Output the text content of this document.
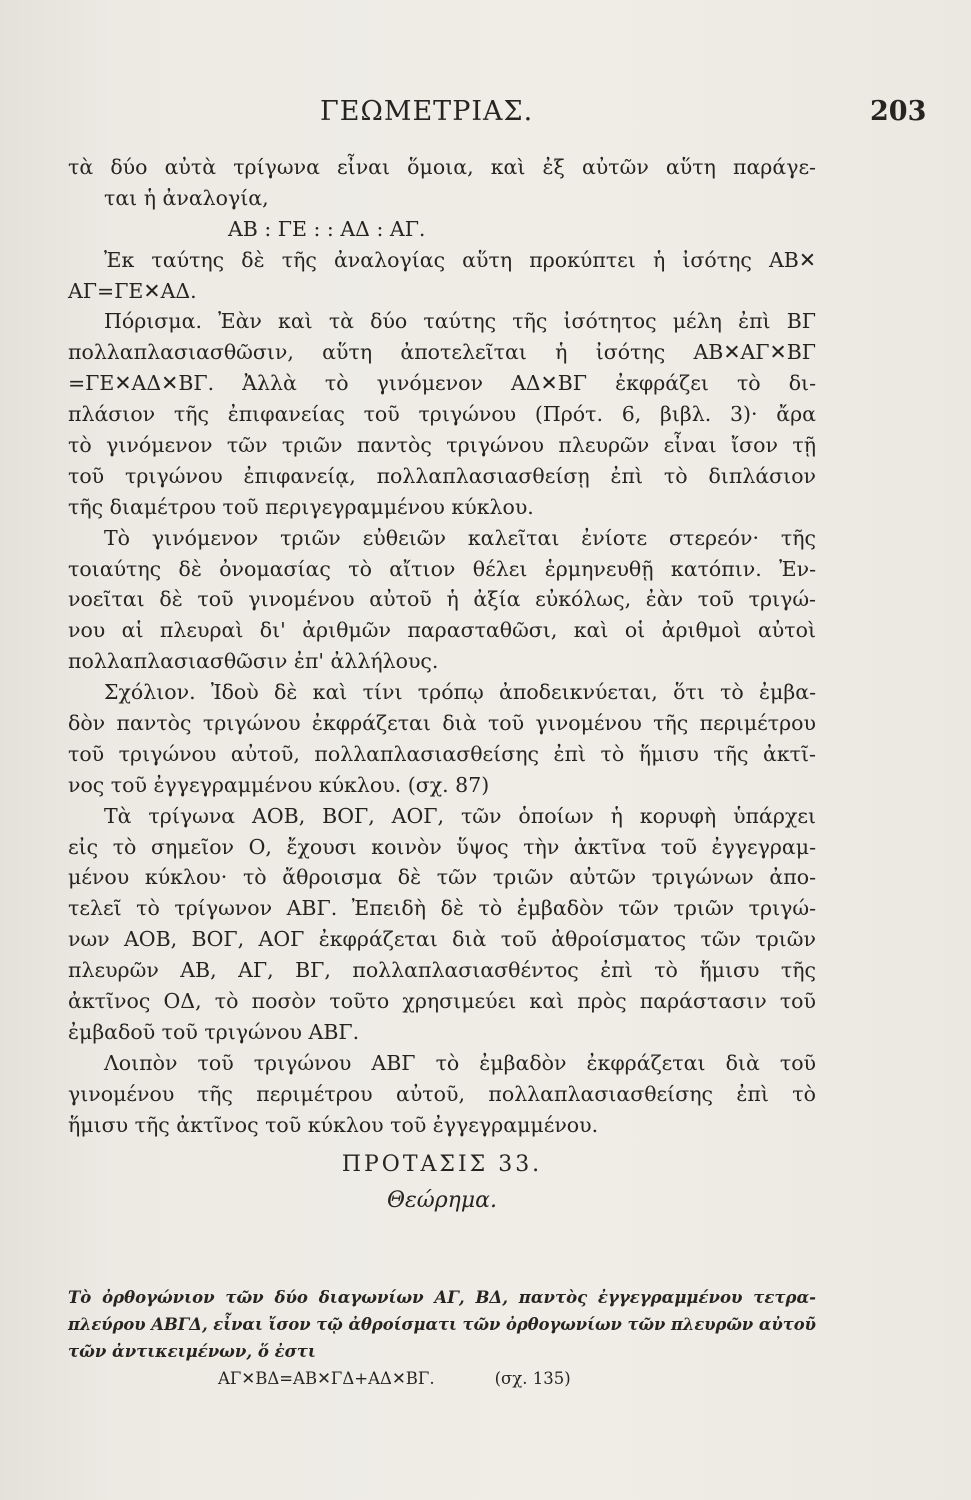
ΓΕΩΜΕΤΡΙΑΣ.	203
τὰ δύο αὐτὰ τρίγωνα εἶναι ὅμοια, καὶ ἐξ αὐτῶν αὕτη παράγε-
ται ἡ ἀναλογία,
ΑΒ : ΓΕ : : ΑΔ : ΑΓ.
Ἐκ ταύτης δὲ τῆς ἀναλογίας αὕτη προκύπτει ἡ ἰσότης ΑΒ✕
ΑΓ=ΓΕ✕ΑΔ.
Πόρισμα. Ἐὰν καὶ τὰ δύο ταύτης τῆς ἰσότητος μέλη ἐπὶ ΒΓ
πολλαπλασιασθῶσιν, αὕτη ἀποτελεῖται ἡ ἰσότης ΑΒ✕ΑΓ✕ΒΓ
=ΓΕ✕ΑΔ✕ΒΓ. Ἀλλὰ τὸ γινόμενον ΑΔ✕ΒΓ ἐκφράζει τὸ δι-
πλάσιον τῆς ἐπιφανείας τοῦ τριγώνου (Πρότ. 6, βιβλ. 3)· ἄρα
τὸ γινόμενον τῶν τριῶν παντὸς τριγώνου πλευρῶν εἶναι ἴσον τῇ
τοῦ τριγώνου ἐπιφανείᾳ, πολλαπλασιασθείσῃ ἐπὶ τὸ διπλάσιον
τῆς διαμέτρου τοῦ περιγεγραμμένου κύκλου.
Τὸ γινόμενον τριῶν εὐθειῶν καλεῖται ἐνίοτε στερεόν· τῆς
τοιαύτης δὲ ὀνομασίας τὸ αἴτιον θέλει ἑρμηνευθῇ κατόπιν. Ἐν-
νοεῖται δὲ τοῦ γινομένου αὐτοῦ ἡ ἀξία εὐκόλως, ἐὰν τοῦ τριγώ-
νου αἱ πλευραὶ δι' ἀριθμῶν παρασταθῶσι, καὶ οἱ ἀριθμοὶ αὐτοὶ
πολλαπλασιασθῶσιν ἐπ' ἀλλήλους.
Σχόλιον. Ἰδοὺ δὲ καὶ τίνι τρόπῳ ἀποδεικνύεται, ὅτι τὸ ἐμβα-
δὸν παντὸς τριγώνου ἐκφράζεται διὰ τοῦ γινομένου τῆς περιμέτρου
τοῦ τριγώνου αὐτοῦ, πολλαπλασιασθείσης ἐπὶ τὸ ἥμισυ τῆς ἀκτῖ-
νος τοῦ ἐγγεγραμμένου κύκλου. (σχ. 87)
Τὰ τρίγωνα ΑΟΒ, ΒΟΓ, ΑΟΓ, τῶν ὁποίων ἡ κορυφὴ ὑπάρχει
εἰς τὸ σημεῖον Ο, ἔχουσι κοινὸν ὕψος τὴν ἀκτῖνα τοῦ ἐγγεγραμ-
μένου κύκλου· τὸ ἄθροισμα δὲ τῶν τριῶν αὐτῶν τριγώνων ἀπο-
τελεῖ τὸ τρίγωνον ΑΒΓ. Ἐπειδὴ δὲ τὸ ἐμβαδὸν τῶν τριῶν τριγώ-
νων ΑΟΒ, ΒΟΓ, ΑΟΓ ἐκφράζεται διὰ τοῦ ἀθροίσματος τῶν τριῶν
πλευρῶν ΑΒ, ΑΓ, ΒΓ, πολλαπλασιασθέντος ἐπὶ τὸ ἥμισυ τῆς
ἀκτῖνος ΟΔ, τὸ ποσὸν τοῦτο χρησιμεύει καὶ πρὸς παράστασιν τοῦ
ἐμβαδοῦ τοῦ τριγώνου ΑΒΓ.
Λοιπὸν τοῦ τριγώνου ΑΒΓ τὸ ἐμβαδὸν ἐκφράζεται διὰ τοῦ
γινομένου τῆς περιμέτρου αὐτοῦ, πολλαπλασιασθείσης ἐπὶ τὸ
ἥμισυ τῆς ἀκτῖνος τοῦ κύκλου τοῦ ἐγγεγραμμένου.
ΠΡΟΤΑΣΙΣ 33.
Θεώρημα.
Τὸ ὀρθογώνιον τῶν δύο διαγωνίων ΑΓ, ΒΔ, παντὸς ἐγγεγραμμένου τετρα-
πλεύρου ΑΒΓΔ, εἶναι ἴσον τῷ ἀθροίσματι τῶν ὀρθογωνίων τῶν πλευρῶν αὐτοῦ
τῶν ἀντικειμένων, ὅ ἐστι
ΑΓ✕ΒΔ=ΑΒ✕ΓΔ+ΑΔ✕ΒΓ.	(σχ. 135)
